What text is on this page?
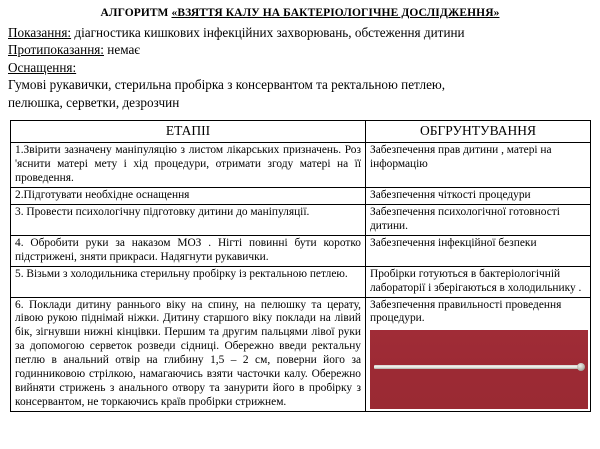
АЛГОРИТМ «ВЗЯТТЯ КАЛУ НА БАКТЕРІОЛОГІЧНЕ ДОСЛІДЖЕННЯ»
Показання: діагностика кишкових інфекційних захворювань, обстеження дитини
Протипоказання: немає
Оснащення:
Гумові рукавички, стерильна пробірка з консервантом та ректальною петлею,
пелюшка, серветки, дезрозчин
ЕТАПІІ	ОБГРУНТУВАННЯ
1.Звірити зазначену маніпуляцію з листом лікарських призначень. Роз 'яснити матері мету і хід процедури, отримати згоду матері на її проведення.	Забезпечення прав дитини , матері на інформацію
2.Підготувати необхідне оснащення	Забезпечення чіткості процедури
3. Провести психологічну підготовку дитини до маніпуляції.	Забезпечення психологічної готовності дитини.
4. Обробити руки за наказом МОЗ . Нігті повинні бути коротко підстрижені, зняти прикраси. Надягнути рукавички.	Забезпечення інфекційної безпеки
5. Візьми з холодильника стерильну пробірку із ректальною петлею.	Пробірки готуються в бактеріологічній лабораторії і зберігаються в холодильнику .
6. Поклади дитину раннього віку на спину, на пелюшку та церату, лівою рукою піднімай ніжки. Дитину старшого віку поклади на лівий бік, зігнувши нижні кінцівки. Першим та другим пальцями лівої руки за допомогою серветок розведи сідниці. Обережно введи ректальну петлю в анальний отвір на глибину 1,5 – 2 см, поверни його за годинниковою стрілкою, намагаючись взяти часточки калу. Обережно вийняти стрижень з анального отвору та занурити його в пробірку з консервантом, не торкаючись країв пробірки стрижнем.	Забезпечення правильності проведення процедури.
